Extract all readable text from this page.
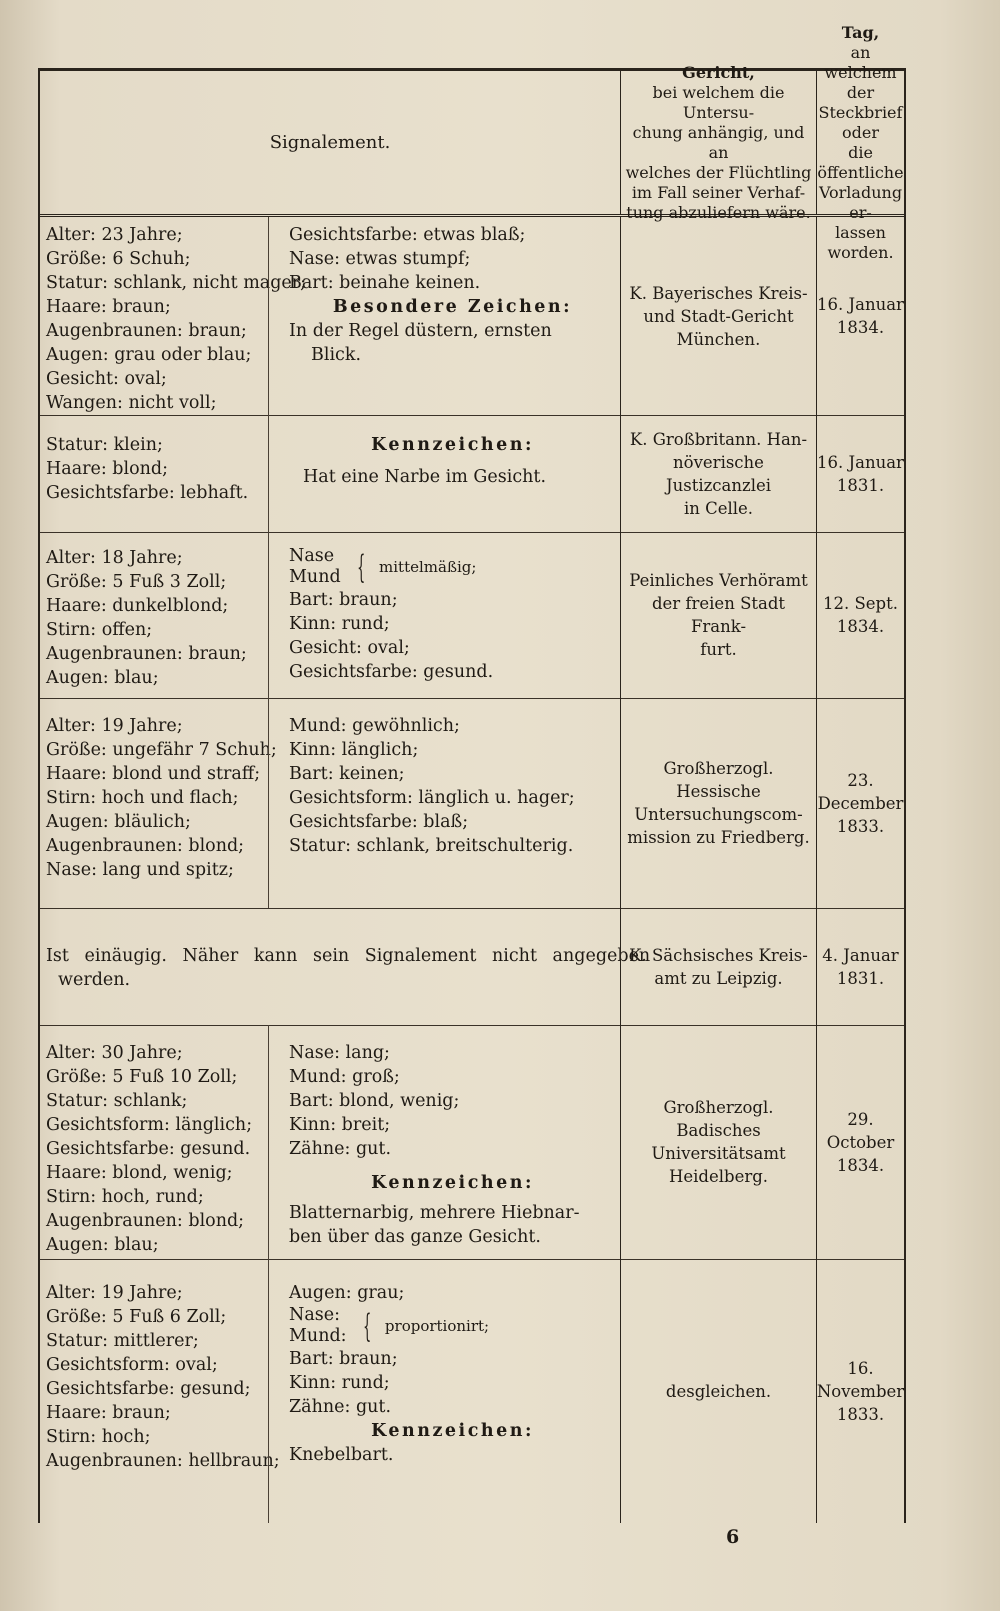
Signalement.
Gericht,
bei welchem die Untersu-
chung anhängig, und an
welches der Flüchtling
im Fall seiner Verhaf-
tung abzuliefern wäre.
Tag,
an welchem der
Steckbrief oder
die öffentliche
Vorladung er-
lassen worden.
Alter: 23 Jahre;
Größe: 6 Schuh;
Statur: schlank, nicht mager;
Haare: braun;
Augenbraunen: braun;
Augen: grau oder blau;
Gesicht: oval;
Wangen: nicht voll;
Gesichtsfarbe: etwas blaß;
Nase: etwas stumpf;
Bart: beinahe keinen.
Besondere Zeichen:
In der Regel düstern, ernsten
Blick.
K. Bayerisches Kreis-
und Stadt-Gericht
München.
16. Januar
1834.
Statur: klein;
Haare: blond;
Gesichtsfarbe: lebhaft.
Kennzeichen:
Hat eine Narbe im Gesicht.
K. Großbritann. Han-
növerische Justizcanzlei
in Celle.
16. Januar
1831.
Alter: 18 Jahre;
Größe: 5 Fuß 3 Zoll;
Haare: dunkelblond;
Stirn: offen;
Augenbraunen: braun;
Augen: blau;
Nase
Mund { mittelmäßig;
Bart: braun;
Kinn: rund;
Gesicht: oval;
Gesichtsfarbe: gesund.
Peinliches Verhöramt
der freien Stadt Frank-
furt.
12. Sept.
1834.
Alter: 19 Jahre;
Größe: ungefähr 7 Schuh;
Haare: blond und straff;
Stirn: hoch und flach;
Augen: bläulich;
Augenbraunen: blond;
Nase: lang und spitz;
Mund: gewöhnlich;
Kinn: länglich;
Bart: keinen;
Gesichtsform: länglich u. hager;
Gesichtsfarbe: blaß;
Statur: schlank, breitschulterig.
Großherzogl. Hessische
Untersuchungscom-
mission zu Friedberg.
23. December
1833.
Ist einäugig. Näher kann sein Signalement nicht angegeben
werden.
K. Sächsisches Kreis-
amt zu Leipzig.
4. Januar
1831.
Alter: 30 Jahre;
Größe: 5 Fuß 10 Zoll;
Statur: schlank;
Gesichtsform: länglich;
Gesichtsfarbe: gesund.
Haare: blond, wenig;
Stirn: hoch, rund;
Augenbraunen: blond;
Augen: blau;
Nase: lang;
Mund: groß;
Bart: blond, wenig;
Kinn: breit;
Zähne: gut.
Kennzeichen:
Blatternarbig, mehrere Hiebnar-
ben über das ganze Gesicht.
Großherzogl. Badisches
Universitätsamt
Heidelberg.
29. October
1834.
Alter: 19 Jahre;
Größe: 5 Fuß 6 Zoll;
Statur: mittlerer;
Gesichtsform: oval;
Gesichtsfarbe: gesund;
Haare: braun;
Stirn: hoch;
Augenbraunen: hellbraun;
Augen: grau;
Nase:
Mund: { proportionirt;
Bart: braun;
Kinn: rund;
Zähne: gut.
Kennzeichen:
Knebelbart.
desgleichen.
16. November
1833.
6
